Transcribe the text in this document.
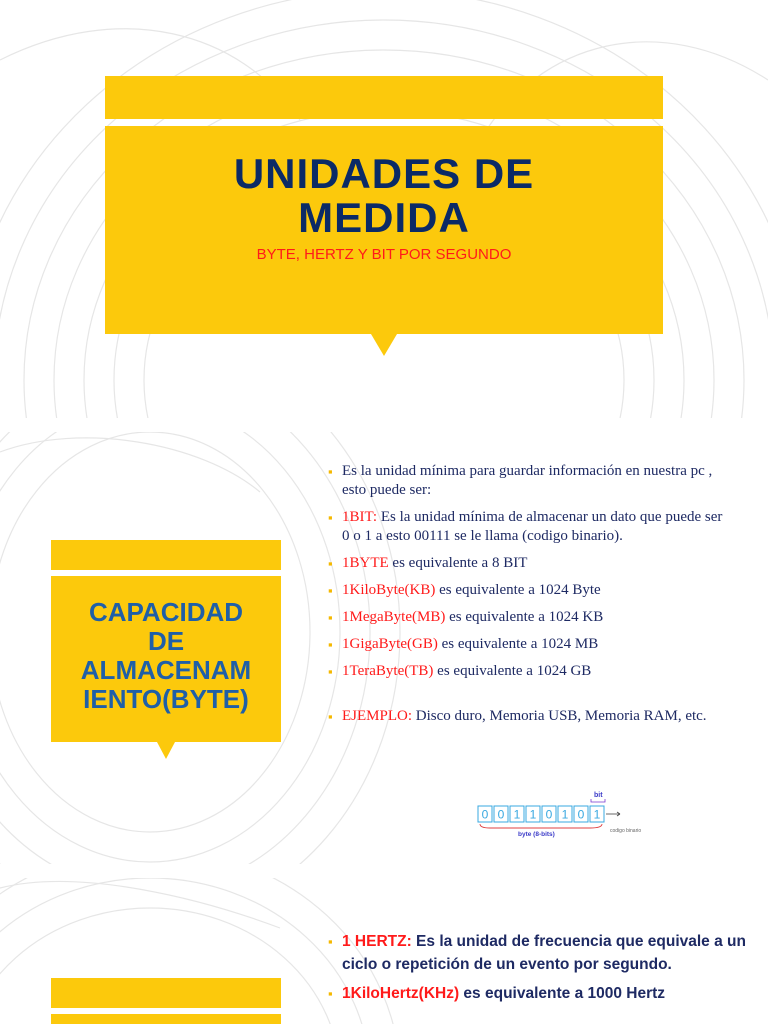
UNIDADES DE
MEDIDA
BYTE, HERTZ Y BIT POR SEGUNDO
CAPACIDAD
DE
ALMACENAM
IENTO(BYTE)
▪ Es la unidad mínima para guardar información en nuestra pc , esto puede ser:
▪ 1BIT: Es la unidad mínima de almacenar un dato que puede ser 0 o 1 a esto 00111 se le llama (codigo binario).
▪ 1BYTE es equivalente a 8 BIT
▪ 1KiloByte(KB) es equivalente a 1024 Byte
▪ 1MegaByte(MB) es equivalente a 1024 KB
▪ 1GigaByte(GB) es equivalente a 1024 MB
▪ 1TeraByte(TB) es equivalente a 1024 GB
▪ EJEMPLO: Disco duro, Memoria USB, Memoria RAM, etc.
bit
0 0 1 1 0 1 0 1
byte (8-bits)	codigo binario
▪ 1 HERTZ: Es la unidad de frecuencia que equivale a un ciclo o repetición de un evento por segundo.
▪ 1KiloHertz(KHz) es equivalente a 1000 Hertz
